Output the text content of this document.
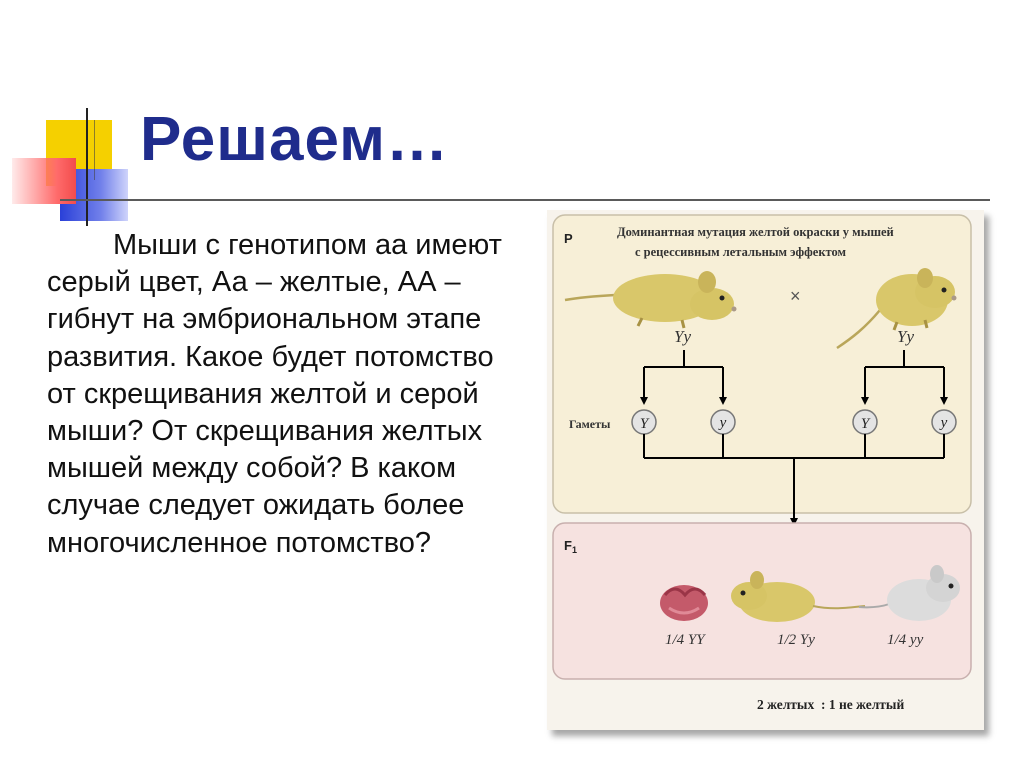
Решаем…

Мыши с генотипом аа имеют серый цвет, Аа – желтые, АА – гибнут на эмбриональном этапе развития. Какое будет потомство от скрещивания желтой и серой мыши? От скрещивания желтых мышей между собой? В каком случае следует ожидать более многочисленное потомство?

P	Доминантная мутация желтой окраски у мышей
с рецессивным летальным эффектом
Yy
×
Yy
Гаметы Y	y	Y	y
$F_1$
1/4 YY	1/2 Yy	1/4 yy
2 желтых  : 1 не желтый
